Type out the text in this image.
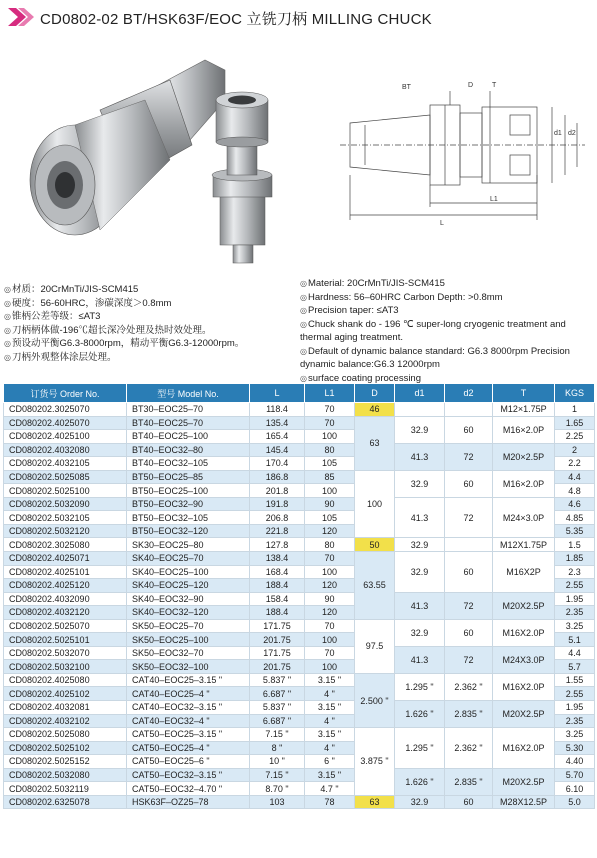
CD0802-02 BT/HSK63F/EOC 立铣刀柄 MILLING CHUCK
BT	D	T
L1
L
d1 d2
◎材质：20CrMnTi/JIS-SCM415
◎硬度：56-60HRC，渗碳深度＞0.8mm
◎锥柄公差等级：≤AT3
◎刀柄柄体做-196℃超长深冷处理及热时效处理。
◎预设动平衡G6.3-8000rpm，精动平衡G6.3-12000rpm。
◎刀柄外观整体涂层处理。
◎Material: 20CrMnTi/JIS-SCM415
◎Hardness: 56–60HRC Carbon Depth: >0.8mm
◎Precision taper: ≤AT3
◎Chuck shank do - 196 ℃ super-long cryogenic treatment and thermal aging treatment.
◎Default of dynamic balance standard: G6.3 8000rpm Precision dynamic balance:G6.3 12000rpm
◎surface coating processing
订货号 Order No.	型号 Model No.	L	L1	D	d1	d2	T	KGS
CD080202.3025070	BT30–EOC25–70	118.4	70	46			M12×1.75P	1
CD080202.4025070	BT40–EOC25–70	135.4	70	63	32.9	60	M16×2.0P	1.65
CD080202.4025100	BT40–EOC25–100	165.4	100					2.25
CD080202.4032080	BT40–EOC32–80	145.4	80		41.3	72	M20×2.5P	2
CD080202.4032105	BT40–EOC32–105	170.4	105					2.2
CD080202.5025085	BT50–EOC25–85	186.8	85	100	32.9	60	M16×2.0P	4.4
CD080202.5025100	BT50–EOC25–100	201.8	100					4.8
CD080202.5032090	BT50–EOC32–90	191.8	90		41.3	72	M24×3.0P	4.6
CD080202.5032105	BT50–EOC32–105	206.8	105					4.85
CD080202.5032120	BT50–EOC32–120	221.8	120					5.35
CD080202.3025080	SK30–EOC25–80	127.8	80	50	32.9		M12X1.75P	1.5
CD080202.4025071	SK40–EOC25–70	138.4	70	63.55	32.9	60	M16X2P	1.85
CD080202.4025101	SK40–EOC25–100	168.4	100					2.3
CD080202.4025120	SK40–EOC25–120	188.4	120					2.55
CD080202.4032090	SK40–EOC32–90	158.4	90		41.3	72	M20X2.5P	1.95
CD080202.4032120	SK40–EOC32–120	188.4	120					2.35
CD080202.5025070	SK50–EOC25–70	171.75	70	97.5	32.9	60	M16X2.0P	3.25
CD080202.5025101	SK50–EOC25–100	201.75	100					5.1
CD080202.5032070	SK50–EOC32–70	171.75	70		41.3	72	M24X3.0P	4.4
CD080202.5032100	SK50–EOC32–100	201.75	100					5.7
CD080202.4025080	CAT40–EOC25–3.15 "	5.837 "	3.15 "	2.500 "	1.295 "	2.362 "	M16X2.0P	1.55
CD080202.4025102	CAT40–EOC25–4 "	6.687 "	4 "					2.55
CD080202.4032081	CAT40–EOC32–3.15 "	5.837 "	3.15 "		1.626 "	2.835 "	M20X2.5P	1.95
CD080202.4032102	CAT40–EOC32–4 "	6.687 "	4 "					2.35
CD080202.5025080	CAT50–EOC25–3.15 "	7.15 "	3.15 "	3.875 "	1.295 "	2.362 "	M16X2.0P	3.25
CD080202.5025102	CAT50–EOC25–4 "	8 "	4 "					5.30
CD080202.5025152	CAT50–EOC25–6 "	10 "	6 "					4.40
CD080202.5032080	CAT50–EOC32–3.15 "	7.15 "	3.15 "		1.626 "	2.835 "	M20X2.5P	5.70
CD080202.5032119	CAT50–EOC32–4.70 "	8.70 "	4.7 "					6.10
CD080202.6325078	HSK63F–OZ25–78	103	78	63	32.9	60	M28X12.5P	5.0
